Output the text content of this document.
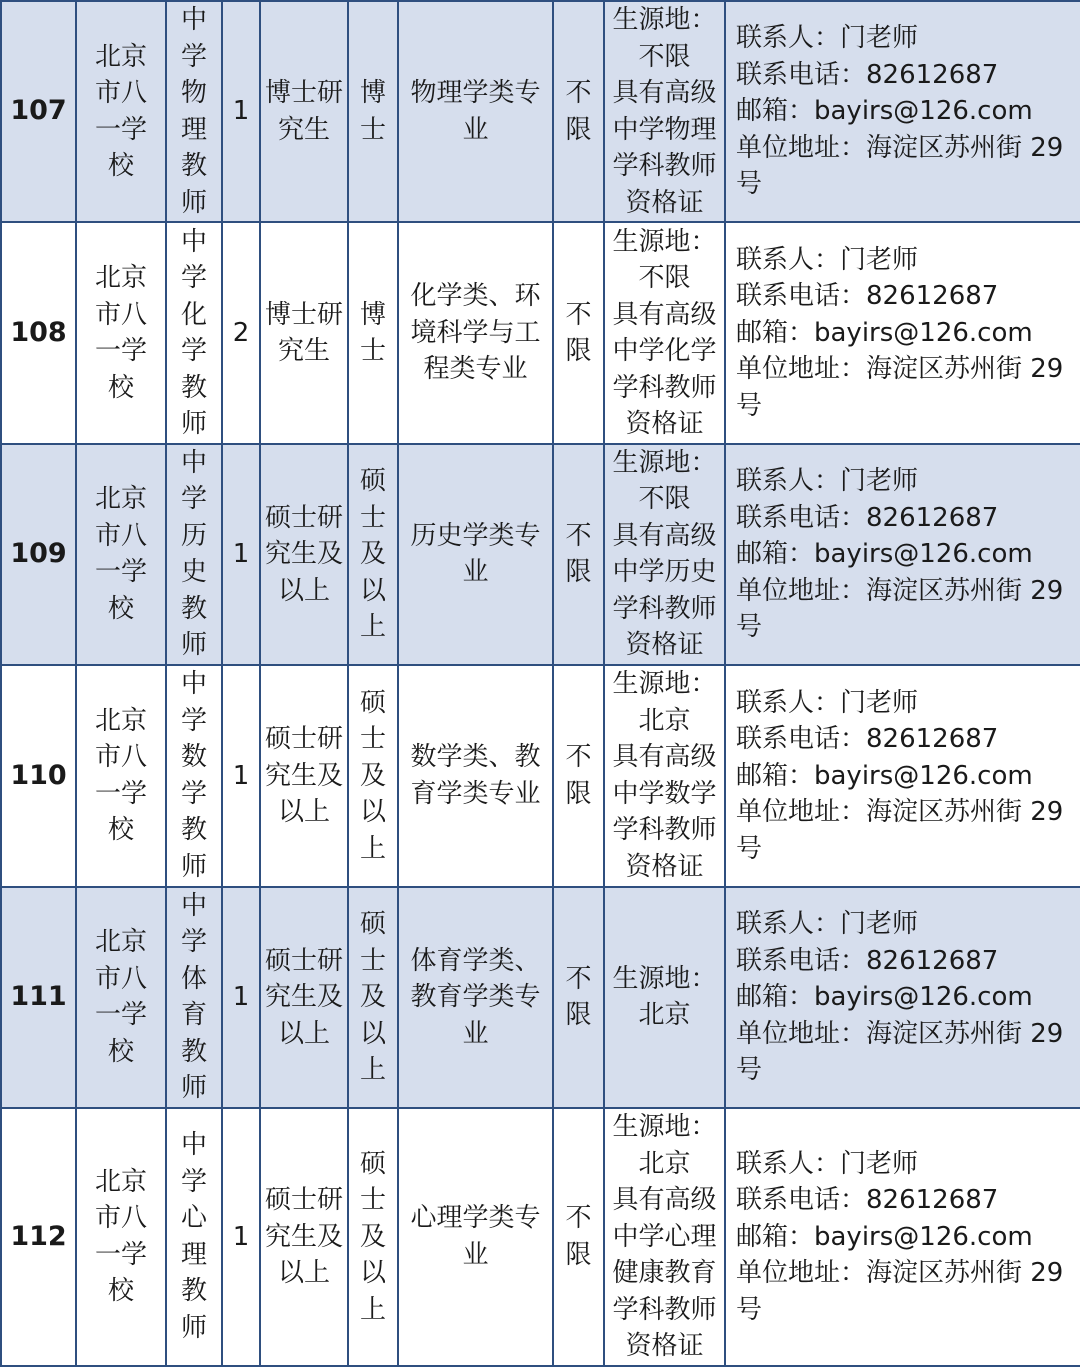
107	北京市八一学校	中学物理教师	1	博士研究生	博士	物理学类专业	不限	生源地：
不限
具有高级中学物理学科教师资格证	联系人：门老师
联系电话：82612687
邮箱：bayirs@126.com
单位地址：海淀区苏州街 29 号

108	北京市八一学校	中学化学教师	2	博士研究生	博士	化学类、环境科学与工程类专业	不限	生源地：
不限
具有高级中学化学学科教师资格证	联系人：门老师
联系电话：82612687
邮箱：bayirs@126.com
单位地址：海淀区苏州街 29 号

109	北京市八一学校	中学历史教师	1	硕士研究生及以上	硕士及以上	历史学类专业	不限	生源地：
不限
具有高级中学历史学科教师资格证	联系人：门老师
联系电话：82612687
邮箱：bayirs@126.com
单位地址：海淀区苏州街 29 号

110	北京市八一学校	中学数学教师	1	硕士研究生及以上	硕士及以上	数学类、教育学类专业	不限	生源地：
北京
具有高级中学数学学科教师资格证	联系人：门老师
联系电话：82612687
邮箱：bayirs@126.com
单位地址：海淀区苏州街 29 号

111	北京市八一学校	中学体育教师	1	硕士研究生及以上	硕士及以上	体育学类、教育学类专业	不限	生源地：
北京	联系人：门老师
联系电话：82612687
邮箱：bayirs@126.com
单位地址：海淀区苏州街 29 号

112	北京市八一学校	中学心理教师	1	硕士研究生及以上	硕士及以上	心理学类专业	不限	生源地：
北京
具有高级中学心理健康教育学科教师资格证	联系人：门老师
联系电话：82612687
邮箱：bayirs@126.com
单位地址：海淀区苏州街 29 号
